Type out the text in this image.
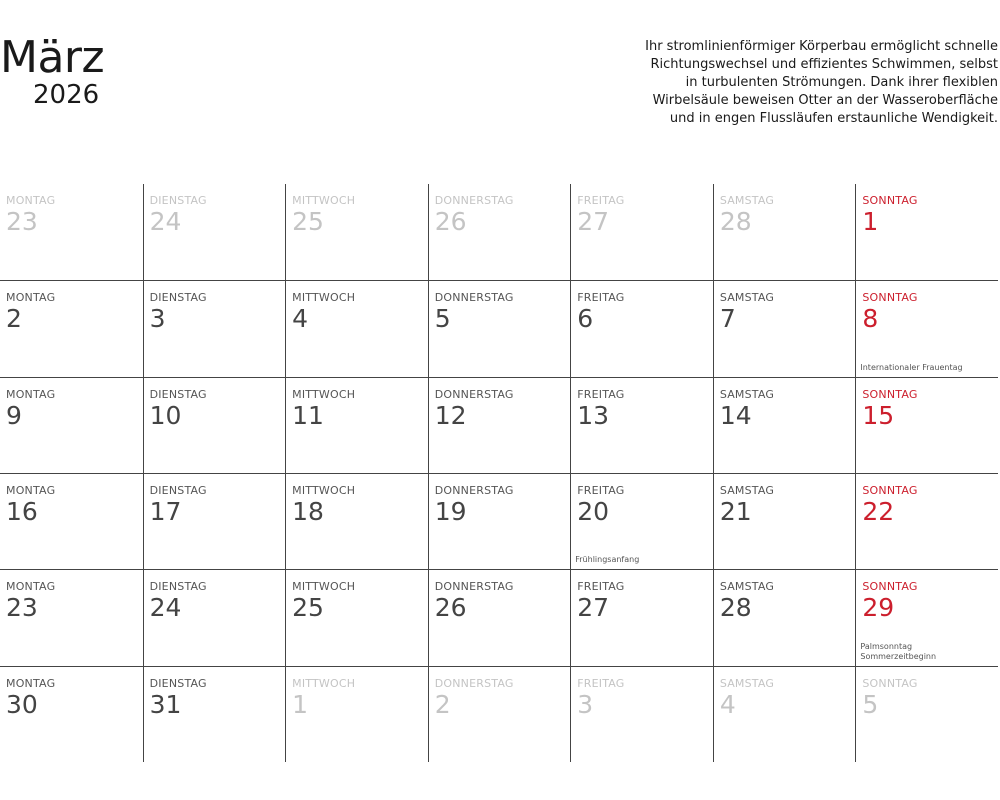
März
2026
Ihr stromlinienförmiger Körperbau ermöglicht schnelle
Richtungswechsel und effizientes Schwimmen, selbst
in turbulenten Strömungen. Dank ihrer flexiblen
Wirbelsäule beweisen Otter an der Wasseroberfläche
und in engen Flussläufen erstaunliche Wendigkeit.
MONTAG
23
DIENSTAG
24
MITTWOCH
25
DONNERSTAG
26
FREITAG
27
SAMSTAG
28
SONNTAG
1
MONTAG
2
DIENSTAG
3
MITTWOCH
4
DONNERSTAG
5
FREITAG
6
SAMSTAG
7
SONNTAG
8
Internationaler Frauentag
MONTAG
9
DIENSTAG
10
MITTWOCH
11
DONNERSTAG
12
FREITAG
13
SAMSTAG
14
SONNTAG
15
MONTAG
16
DIENSTAG
17
MITTWOCH
18
DONNERSTAG
19
FREITAG
20
Frühlingsanfang
SAMSTAG
21
SONNTAG
22
MONTAG
23
DIENSTAG
24
MITTWOCH
25
DONNERSTAG
26
FREITAG
27
SAMSTAG
28
SONNTAG
29
Palmsonntag
Sommerzeitbeginn
MONTAG
30
DIENSTAG
31
MITTWOCH
1
DONNERSTAG
2
FREITAG
3
SAMSTAG
4
SONNTAG
5
